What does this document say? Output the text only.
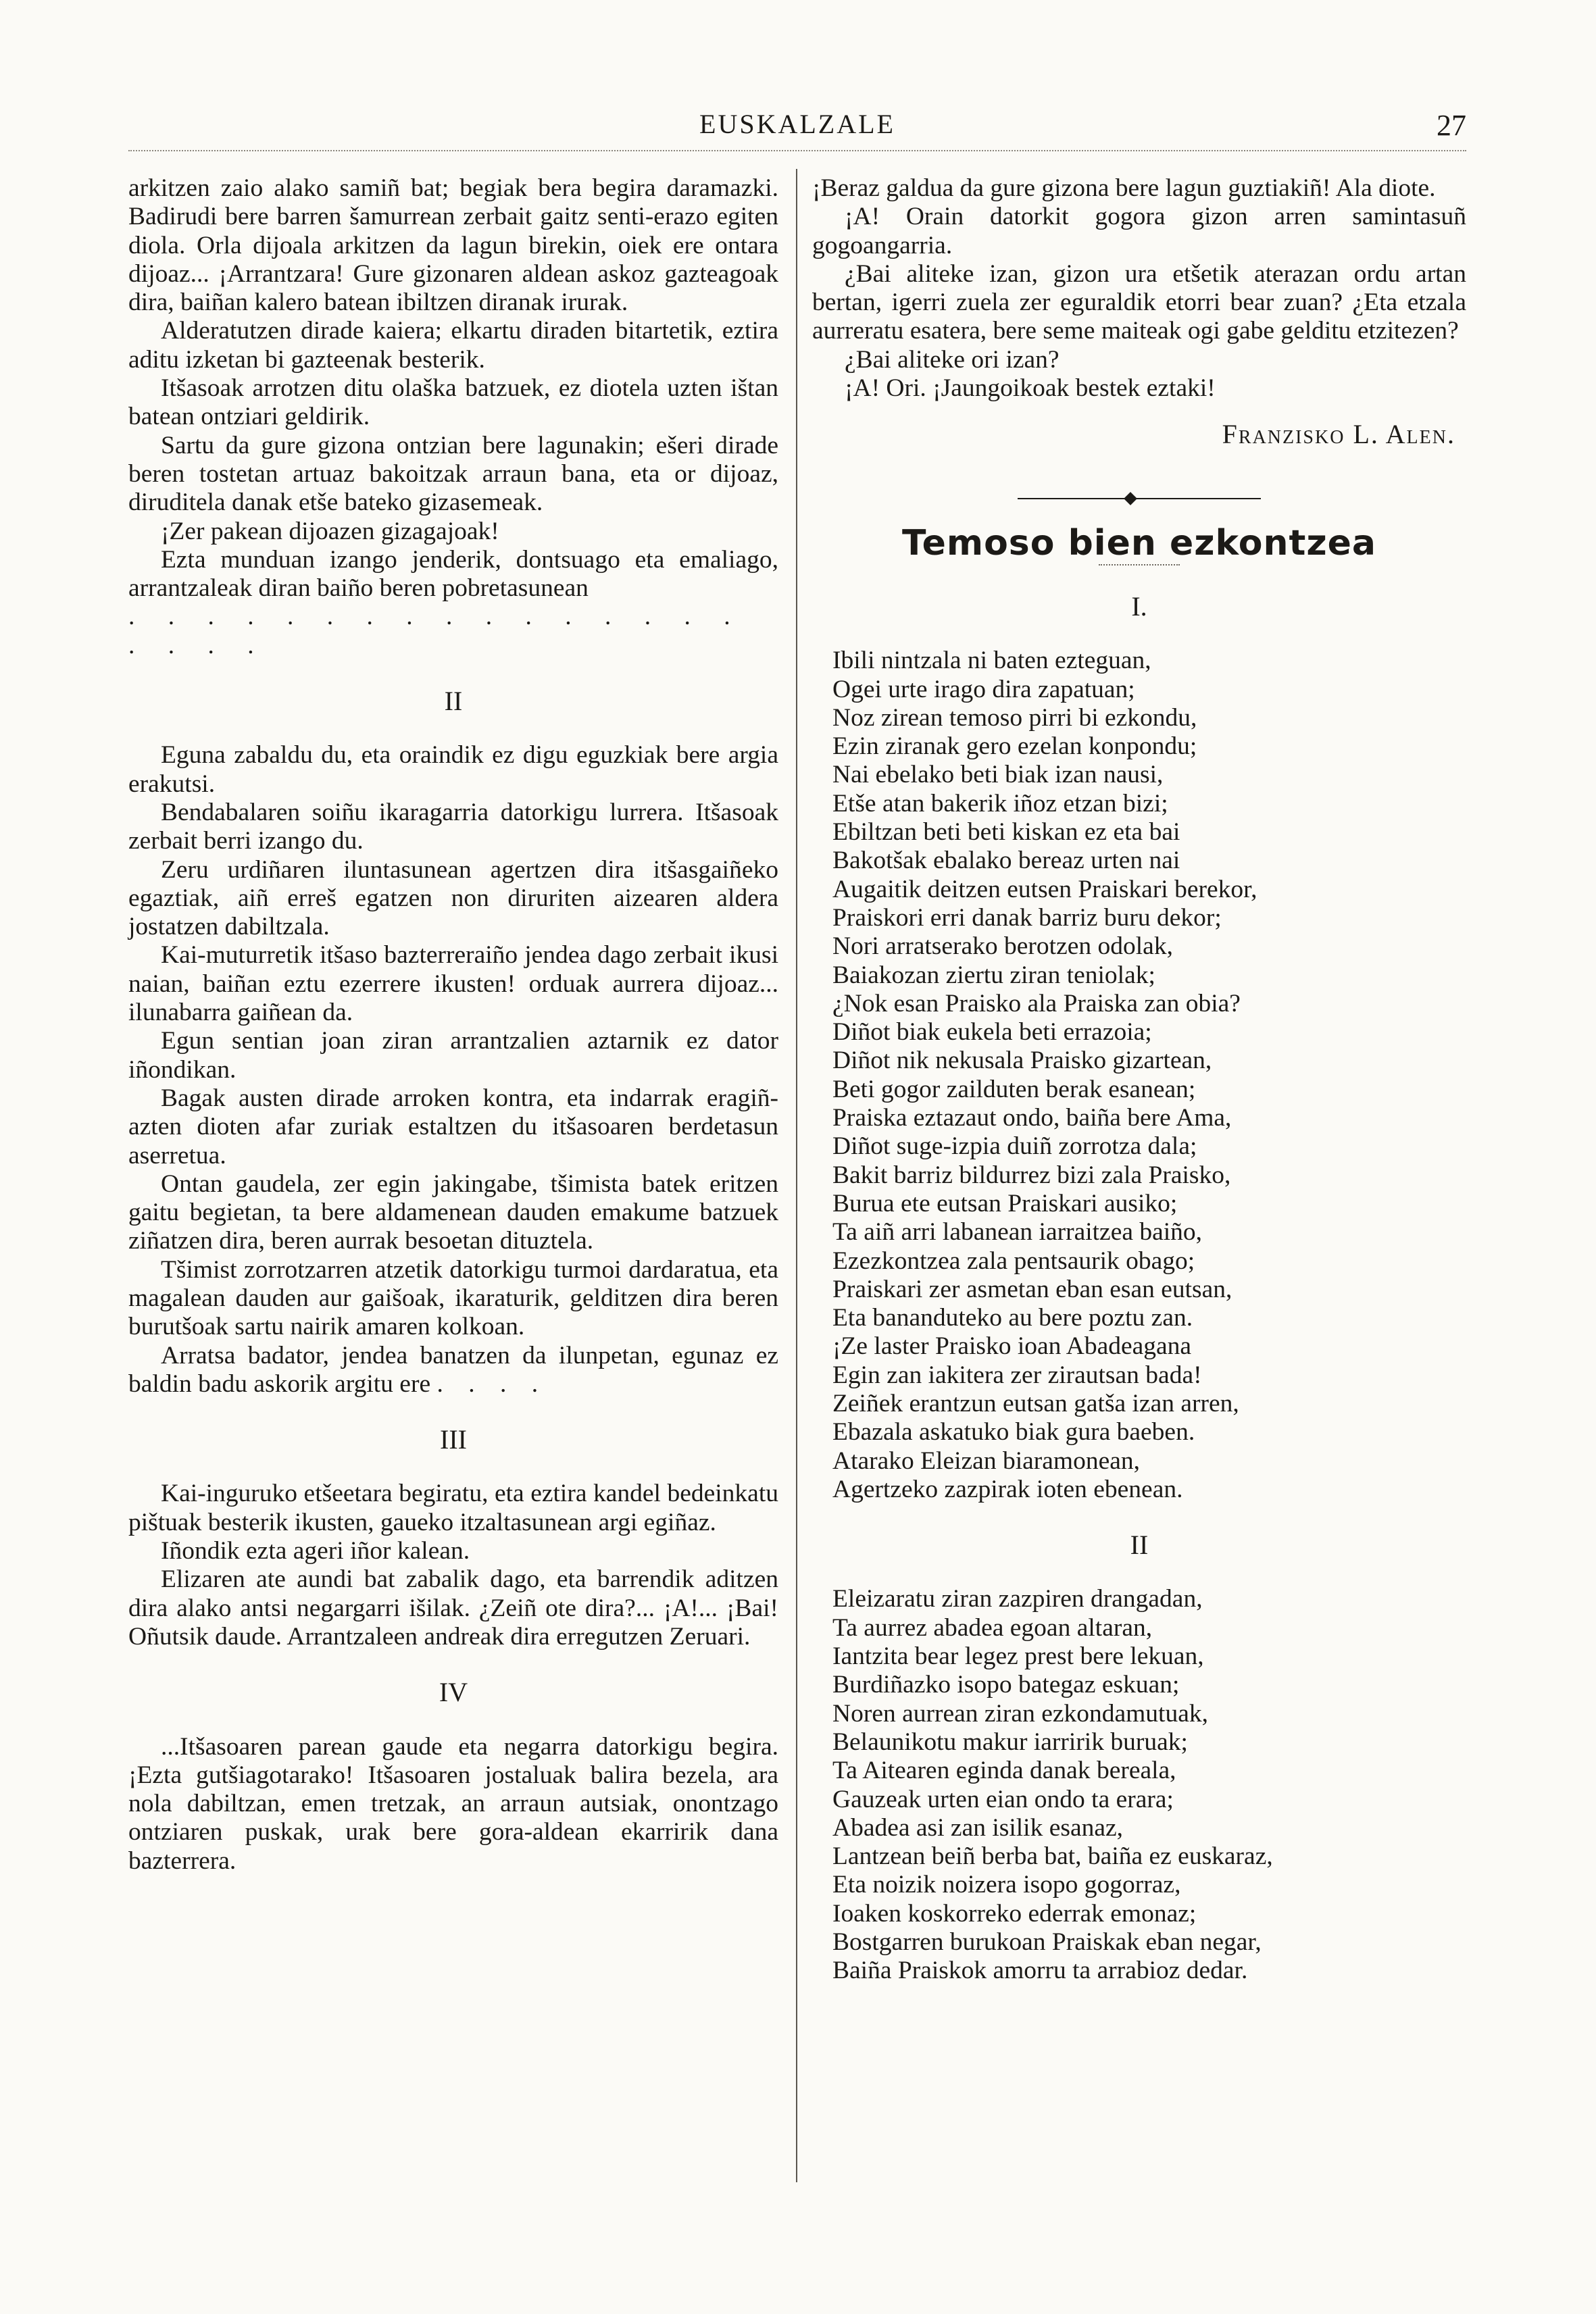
EUSKALZALE	27

arkitzen zaio alako samiñ bat; begiak bera begira daramazki. Badirudi bere barren šamurrean zerbait gaitz senti-erazo egiten diola. Orla dijoala arkitzen da lagun birekin, oiek ere ontara dijoaz... ¡Arrantzara! Gure gizonaren aldean askoz gazteagoak dira, baiñan kalero batean ibiltzen diranak irurak.

Alderatutzen dirade kaiera; elkartu diraden bitartetik, eztira aditu izketan bi gazteenak besterik.

Itšasoak arrotzen ditu olaška batzuek, ez diotela uzten ištan batean ontziari geldirik.

Sartu da gure gizona ontzian bere lagunakin; ešeri dirade beren tostetan artuaz bakoitzak arraun bana, eta or dijoaz, diruditela danak etše bateko gizasemeak.

¡Zer pakean dijoazen gizagajoak!

Ezta munduan izango jenderik, dontsuago eta emaliago, arrantzaleak diran baiño beren pobretasunean

. . . . . . . . . . . . . . . . . . . .

II

Eguna zabaldu du, eta oraindik ez digu eguzkiak bere argia erakutsi.

Bendabalaren soiñu ikaragarria datorkigu lurrera. Itšasoak zerbait berri izango du.

Zeru urdiñaren iluntasunean agertzen dira itšasgaiñeko egaztiak, aiñ erreš egatzen non diruriten aizearen aldera jostatzen dabiltzala.

Kai-muturretik itšaso bazterreraiño jendea dago zerbait ikusi naian, baiñan eztu ezerrere ikusten! orduak aurrera dijoaz... ilunabarra gaiñean da.

Egun sentian joan ziran arrantzalien aztarnik ez dator iñondikan.

Bagak austen dirade arroken kontra, eta indarrak eragiñ-azten dioten afar zuriak estaltzen du itšasoaren berdetasun aserretua.

Ontan gaudela, zer egin jakingabe, tšimista batek eritzen gaitu begietan, ta bere aldamenean dauden emakume batzuek ziñatzen dira, beren aurrak besoetan dituztela.

Tšimist zorrotzarren atzetik datorkigu turmoi dardaratua, eta magalean dauden aur gaišoak, ikaraturik, gelditzen dira beren burutšoak sartu nairik amaren kolkoan.

Arratsa badator, jendea banatzen da ilunpetan, egunaz ez baldin badu askorik argitu ere . . . .

III

Kai-inguruko etšeetara begiratu, eta eztira kandel bedeinkatu pištuak besterik ikusten, gaueko itzaltasunean argi egiñaz.

Iñondik ezta ageri iñor kalean.

Elizaren ate aundi bat zabalik dago, eta barrendik aditzen dira alako antsi negargarri išilak. ¿Zeiñ ote dira?... ¡A!... ¡Bai! Oñutsik daude. Arrantzaleen andreak dira erregutzen Zeruari.

IV

...Itšasoaren parean gaude eta negarra datorkigu begira. ¡Ezta gutšiagotarako! Itšasoaren jostaluak balira bezela, ara nola dabiltzan, emen tretzak, an arraun autsiak, onontzago ontziaren puskak, urak bere gora-aldean ekarririk dana bazterrera.

¡Beraz galdua da gure gizona bere lagun guztiakiñ! Ala diote.

¡A! Orain datorkit gogora gizon arren samintasuñ gogoangarria.

¿Bai aliteke izan, gizon ura etšetik aterazan ordu artan bertan, igerri zuela zer eguraldik etorri bear zuan? ¿Eta etzala aurreratu esatera, bere seme maiteak ogi gabe gelditu etzitezen?

¿Bai aliteke ori izan?

¡A! Ori. ¡Jaungoikoak bestek eztaki!

Franzisko L. Alen.
Temoso bien ezkontzea
I.
Ibili nintzala ni baten ezteguan,
Ogei urte irago dira zapatuan;
Noz zirean temoso pirri bi ezkondu,
Ezin ziranak gero ezelan konpondu;
Nai ebelako beti biak izan nausi,
Etše atan bakerik iñoz etzan bizi;
Ebiltzan beti beti kiskan ez eta bai
Bakotšak ebalako bereaz urten nai
Augaitik deitzen eutsen Praiskari berekor,
Praiskori erri danak barriz buru dekor;
Nori arratserako berotzen odolak,
Baiakozan ziertu ziran teniolak;
¿Nok esan Praisko ala Praiska zan obia?
Diñot biak eukela beti errazoia;
Diñot nik nekusala Praisko gizartean,
Beti gogor zailduten berak esanean;
Praiska eztazaut ondo, baiña bere Ama,
Diñot suge-izpia duiñ zorrotza dala;
Bakit barriz bildurrez bizi zala Praisko,
Burua ete eutsan Praiskari ausiko;
Ta aiñ arri labanean iarraitzea baiño,
Ezezkontzea zala pentsaurik obago;
Praiskari zer asmetan eban esan eutsan,
Eta banandutеko au bere poztu zan.
¡Ze laster Praisko ioan Abadeagana
Egin zan iakitera zer zirautsan bada!
Zeiñek erantzun eutsan gatša izan arren,
Ebazala askatuko biak gura baeben.
Atarako Eleizan biaramonean,
Agertzeko zazpirak ioten ebenean.
II
Eleizaratu ziran zazpiren drangadan,
Ta aurrez abadea egoan altaran,
Iantzita bear legez prest bere lekuan,
Burdiñazko isopo bategaz eskuan;
Noren aurrean ziran ezkondamutuak,
Belaunikotu makur iarririk buruak;
Ta Aitearen eginda danak bereala,
Gauzeak urten eian ondo ta erara;
Abadea asi zan isilik esanaz,
Lantzean beiñ berba bat, baiña ez euskaraz,
Eta noizik noizera isopo gogorraz,
Ioaken koskorreko ederrak emonaz;
Bostgarren burukoan Praiskak eban negar,
Baiña Praiskok amorru ta arrabioz dedar.
